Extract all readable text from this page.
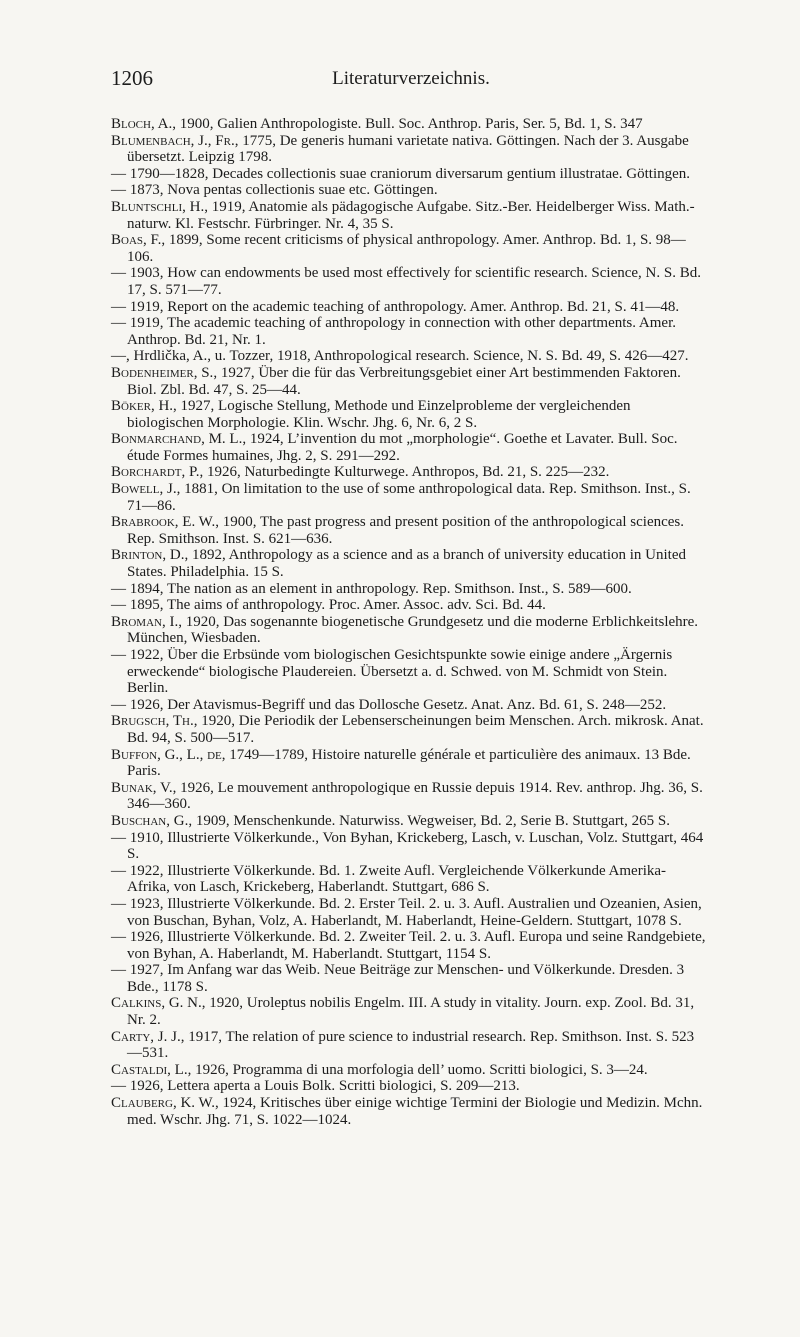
1206	Literaturverzeichnis.

Bloch, A., 1900, Galien Anthropologiste. Bull. Soc. Anthrop. Paris, Ser. 5, Bd. 1, S. 347

Blumenbach, J., Fr., 1775, De generis humani varietate nativa. Göttingen. Nach der 3. Ausgabe übersetzt. Leipzig 1798.

— 1790—1828, Decades collectionis suae craniorum diversarum gentium illustratae. Göttingen.

— 1873, Nova pentas collectionis suae etc. Göttingen.

Bluntschli, H., 1919, Anatomie als pädagogische Aufgabe. Sitz.-Ber. Heidelberger Wiss. Math.-naturw. Kl. Festschr. Fürbringer. Nr. 4, 35 S.

Boas, F., 1899, Some recent criticisms of physical anthropology. Amer. Anthrop. Bd. 1, S. 98—106.

— 1903, How can endowments be used most effectively for scientific research. Science, N. S. Bd. 17, S. 571—77.

— 1919, Report on the academic teaching of anthropology. Amer. Anthrop. Bd. 21, S. 41—48.

— 1919, The academic teaching of anthropology in connection with other departments. Amer. Anthrop. Bd. 21, Nr. 1.

—, Hrdlička, A., u. Tozzer, 1918, Anthropological research. Science, N. S. Bd. 49, S. 426—427.

Bodenheimer, S., 1927, Über die für das Verbreitungsgebiet einer Art bestimmenden Faktoren. Biol. Zbl. Bd. 47, S. 25—44.

Böker, H., 1927, Logische Stellung, Methode und Einzelprobleme der vergleichenden biologischen Morphologie. Klin. Wschr. Jhg. 6, Nr. 6, 2 S.

Bonmarchand, M. L., 1924, L’invention du mot „morphologie“. Goethe et Lavater. Bull. Soc. étude Formes humaines, Jhg. 2, S. 291—292.

Borchardt, P., 1926, Naturbedingte Kulturwege. Anthropos, Bd. 21, S. 225—232.

Bowell, J., 1881, On limitation to the use of some anthropological data. Rep. Smithson. Inst., S. 71—86.

Brabrook, E. W., 1900, The past progress and present position of the anthropological sciences. Rep. Smithson. Inst. S. 621—636.

Brinton, D., 1892, Anthropology as a science and as a branch of university education in United States. Philadelphia. 15 S.

— 1894, The nation as an element in anthropology. Rep. Smithson. Inst., S. 589—600.

— 1895, The aims of anthropology. Proc. Amer. Assoc. adv. Sci. Bd. 44.

Broman, I., 1920, Das sogenannte biogenetische Grundgesetz und die moderne Erblichkeitslehre. München, Wiesbaden.

— 1922, Über die Erbsünde vom biologischen Gesichtspunkte sowie einige andere „Ärgernis erweckende“ biologische Plaudereien. Übersetzt a. d. Schwed. von M. Schmidt von Stein. Berlin.

— 1926, Der Atavismus-Begriff und das Dollosche Gesetz. Anat. Anz. Bd. 61, S. 248—252.

Brugsch, Th., 1920, Die Periodik der Lebenserscheinungen beim Menschen. Arch. mikrosk. Anat. Bd. 94, S. 500—517.

Buffon, G., L., de, 1749—1789, Histoire naturelle générale et particulière des animaux. 13 Bde. Paris.

Bunak, V., 1926, Le mouvement anthropologique en Russie depuis 1914. Rev. anthrop. Jhg. 36, S. 346—360.

Buschan, G., 1909, Menschenkunde. Naturwiss. Wegweiser, Bd. 2, Serie B. Stuttgart, 265 S.

— 1910, Illustrierte Völkerkunde., Von Byhan, Krickeberg, Lasch, v. Luschan, Volz. Stuttgart, 464 S.

— 1922, Illustrierte Völkerkunde. Bd. 1. Zweite Aufl. Vergleichende Völkerkunde Amerika-Afrika, von Lasch, Krickeberg, Haberlandt. Stuttgart, 686 S.

— 1923, Illustrierte Völkerkunde. Bd. 2. Erster Teil. 2. u. 3. Aufl. Australien und Ozeanien, Asien, von Buschan, Byhan, Volz, A. Haberlandt, M. Haberlandt, Heine-Geldern. Stuttgart, 1078 S.

— 1926, Illustrierte Völkerkunde. Bd. 2. Zweiter Teil. 2. u. 3. Aufl. Europa und seine Randgebiete, von Byhan, A. Haberlandt, M. Haberlandt. Stuttgart, 1154 S.

— 1927, Im Anfang war das Weib. Neue Beiträge zur Menschen- und Völkerkunde. Dresden. 3 Bde., 1178 S.

Calkins, G. N., 1920, Uroleptus nobilis Engelm. III. A study in vitality. Journ. exp. Zool. Bd. 31, Nr. 2.

Carty, J. J., 1917, The relation of pure science to industrial research. Rep. Smithson. Inst. S. 523—531.

Castaldi, L., 1926, Programma di una morfologia dell’ uomo. Scritti biologici, S. 3—24.

— 1926, Lettera aperta a Louis Bolk. Scritti biologici, S. 209—213.

Clauberg, K. W., 1924, Kritisches über einige wichtige Termini der Biologie und Medizin. Mchn. med. Wschr. Jhg. 71, S. 1022—1024.
